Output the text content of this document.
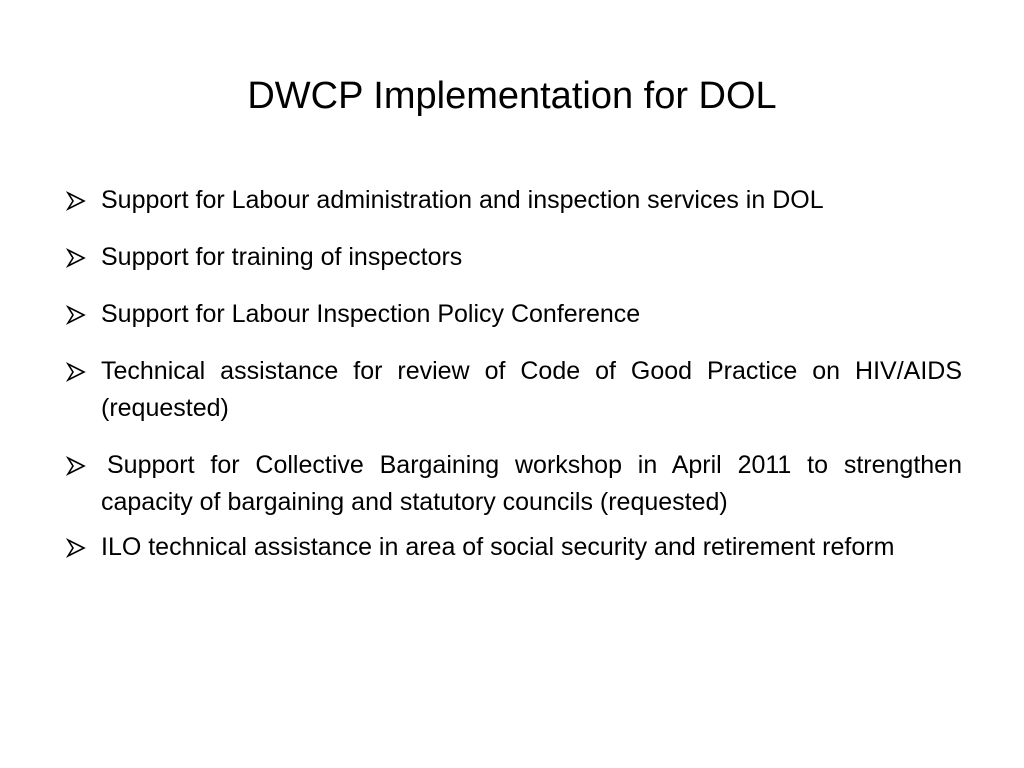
DWCP Implementation for DOL
Support for Labour administration and inspection services in DOL
Support for training of inspectors
Support for Labour Inspection Policy Conference
Technical assistance for review of Code of Good Practice on HIV/AIDS (requested)
Support for Collective Bargaining workshop in April 2011 to strengthen capacity of bargaining and statutory councils (requested)
ILO technical assistance in area of social security and retirement reform
